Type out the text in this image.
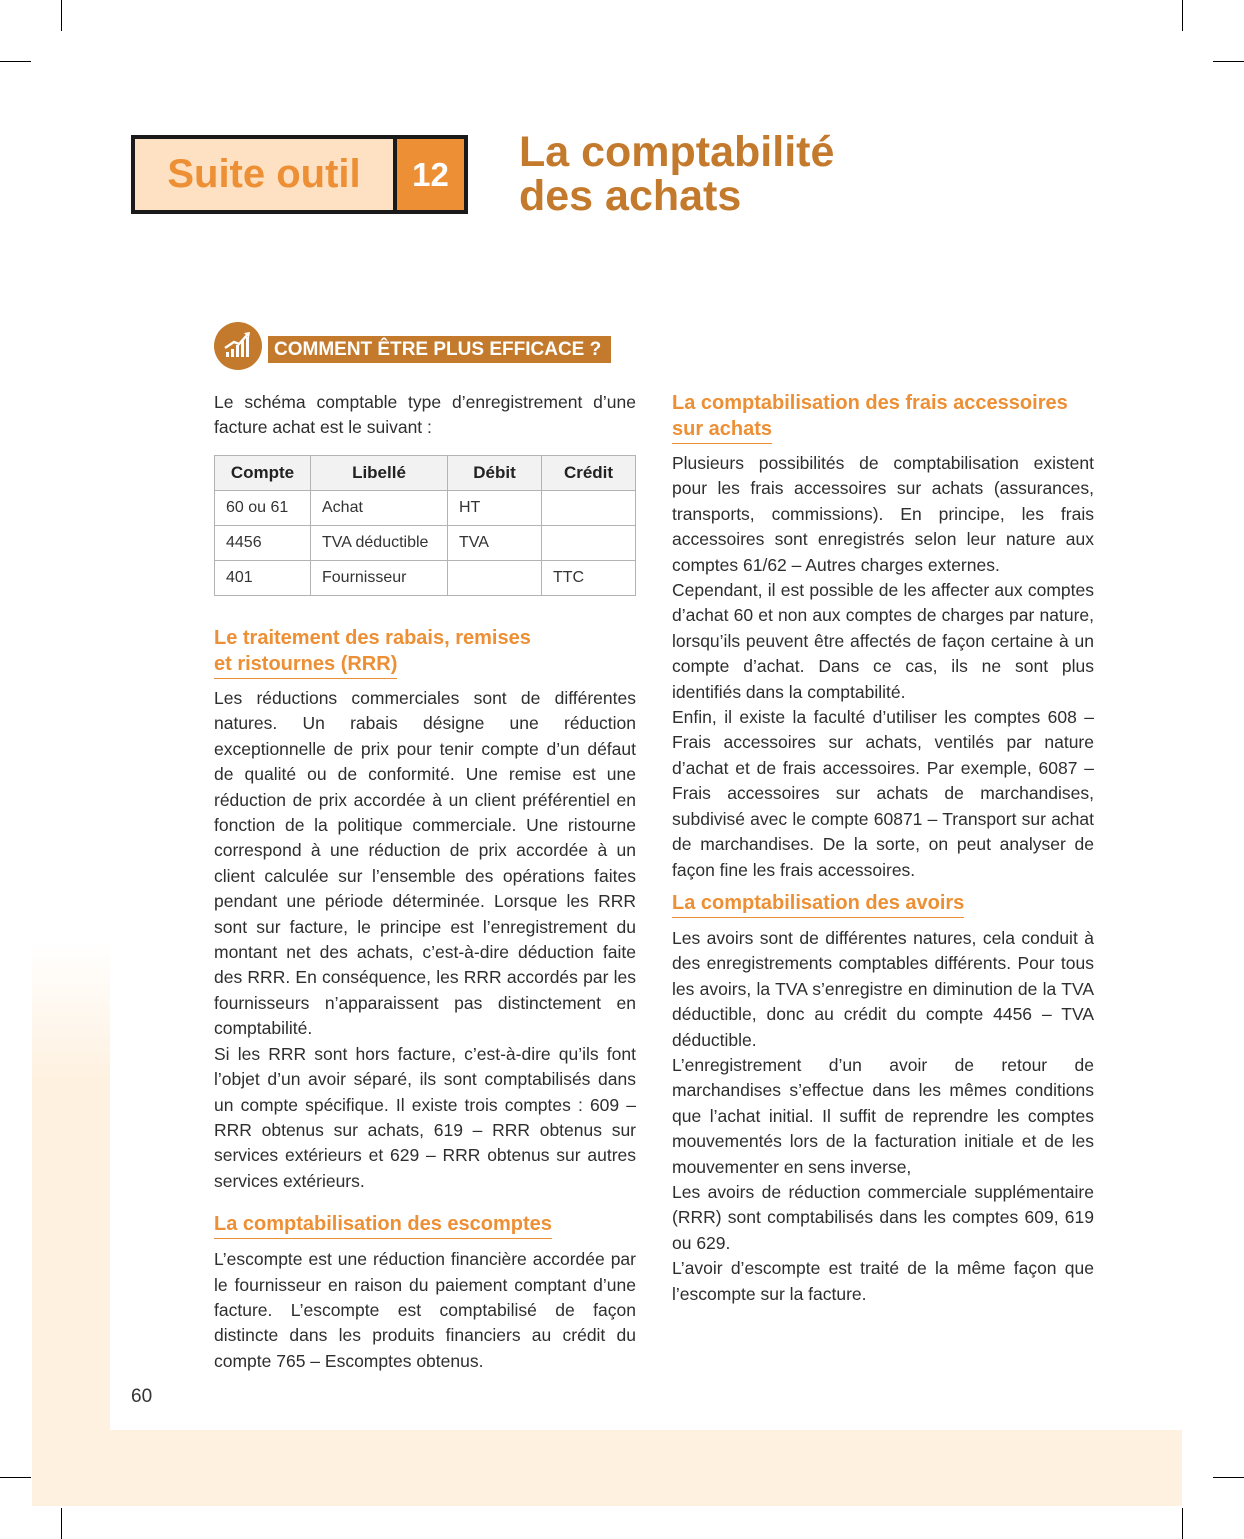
Suite outil	12	La comptabilité
des achats
COMMENT ÊTRE PLUS EFFICACE ?

Le schéma comptable type d’enregistrement d’une facture achat est le suivant :

Compte	Libellé	Débit	Crédit
60 ou 61	Achat	HT	
4456	TVA déductible	TVA	
401	Fournisseur		TTC
Le traitement des rabais, remises
et ristournes (RRR)

Les réductions commerciales sont de différentes natures. Un rabais désigne une réduction exceptionnelle de prix pour tenir compte d’un défaut de qualité ou de conformité. Une remise est une réduction de prix accordée à un client préférentiel en fonction de la politique commerciale. Une ristourne correspond à une réduction de prix accordée à un client calculée sur l’ensemble des opérations faites pendant une période déterminée. Lorsque les RRR sont sur facture, le principe est l’enregistrement du montant net des achats, c’est-à-dire déduction faite des RRR. En conséquence, les RRR accordés par les fournisseurs n’apparaissent pas distinctement en comptabilité.

Si les RRR sont hors facture, c’est-à-dire qu’ils font l’objet d’un avoir séparé, ils sont comptabilisés dans un compte spécifique. Il existe trois comptes : 609 – RRR obtenus sur achats, 619 – RRR obtenus sur services extérieurs et 629 – RRR obtenus sur autres services extérieurs.

La comptabilisation des escomptes

L’escompte est une réduction financière accordée par le fournisseur en raison du paiement comptant d’une facture. L’escompte est comptabilisé de façon distincte dans les produits financiers au crédit du compte 765 – Escomptes obtenus.

La comptabilisation des frais accessoires
sur achats

Plusieurs possibilités de comptabilisation existent pour les frais accessoires sur achats (assurances, transports, commissions). En principe, les frais accessoires sont enregistrés selon leur nature aux comptes 61/62 – Autres charges externes.

Cependant, il est possible de les affecter aux comptes d’achat 60 et non aux comptes de charges par nature, lorsqu’ils peuvent être affectés de façon certaine à un compte d’achat. Dans ce cas, ils ne sont plus identifiés dans la comptabilité.

Enfin, il existe la faculté d’utiliser les comptes 608 – Frais accessoires sur achats, ventilés par nature d’achat et de frais accessoires. Par exemple, 6087 – Frais accessoires sur achats de marchandises, subdivisé avec le compte 60871 – Transport sur achat de marchandises. De la sorte, on peut analyser de façon fine les frais accessoires.

La comptabilisation des avoirs

Les avoirs sont de différentes natures, cela conduit à des enregistrements comptables différents. Pour tous les avoirs, la TVA s’enregistre en diminution de la TVA déductible, donc au crédit du compte 4456 – TVA déductible.

L’enregistrement d’un avoir de retour de marchandises s’effectue dans les mêmes conditions que l’achat initial. Il suffit de reprendre les comptes mouvementés lors de la facturation initiale et de les mouvementer en sens inverse,

Les avoirs de réduction commerciale supplémentaire (RRR) sont comptabilisés dans les comptes 609, 619 ou 629.

L’avoir d’escompte est traité de la même façon que l’escompte sur la facture.

60
